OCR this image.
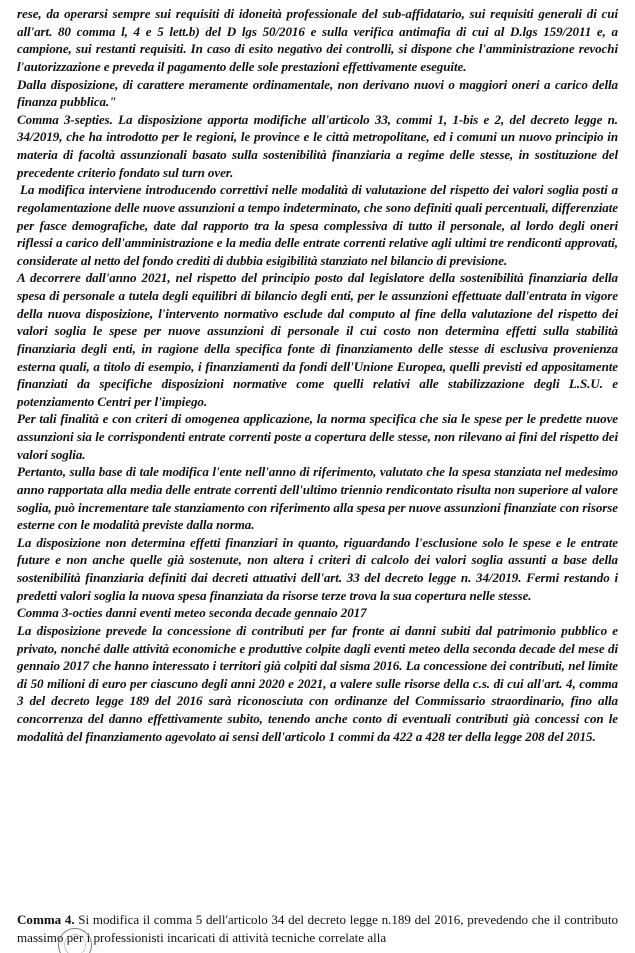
rese, da operarsi sempre sui requisiti di idoneità professionale del sub-affidatario, sui requisiti generali di cui all'art. 80 comma l, 4 e 5 lett.b) del D lgs 50/2016 e sulla verifica antimafia di cui al D.lgs 159/2011 e, a campione, sui restanti requisiti. In caso di esito negativo dei controlli, si dispone che l'amministrazione revochi l'autorizzazione e preveda il pagamento delle sole prestazioni effettivamente eseguite.

Dalla disposizione, di carattere meramente ordinamentale, non derivano nuovi o maggiori oneri a carico della finanza pubblica."

Comma 3-septies. La disposizione apporta modifiche all'articolo 33, commi 1, 1-bis e 2, del decreto legge n. 34/2019, che ha introdotto per le regioni, le province e le città metropolitane, ed i comuni un nuovo principio in materia di facoltà assunzionali basato sulla sostenibilità finanziaria a regime delle stesse, in sostituzione del precedente criterio fondato sul turn over.

La modifica interviene introducendo correttivi nelle modalità di valutazione del rispetto dei valori soglia posti a regolamentazione delle nuove assunzioni a tempo indeterminato, che sono definiti quali percentuali, differenziate per fasce demografiche, date dal rapporto tra la spesa complessiva di tutto il personale, al lordo degli oneri riflessi a carico dell'amministrazione e la media delle entrate correnti relative agli ultimi tre rendiconti approvati, considerate al netto del fondo crediti di dubbia esigibilità stanziato nel bilancio di previsione.

A decorrere dall'anno 2021, nel rispetto del principio posto dal legislatore della sostenibilità finanziaria della spesa di personale a tutela degli equilibri di bilancio degli enti, per le assunzioni effettuate dall'entrata in vigore della nuova disposizione, l'intervento normativo esclude dal computo al fine della valutazione del rispetto dei valori soglia le spese per nuove assunzioni di personale il cui costo non determina effetti sulla stabilità finanziaria degli enti, in ragione della specifica fonte di finanziamento delle stesse di esclusiva provenienza esterna quali, a titolo di esempio, i finanziamenti da fondi dell'Unione Europea, quelli previsti ed appositamente finanziati da specifiche disposizioni normative come quelli relativi alle stabilizzazione degli L.S.U. e potenziamento Centri per l'impiego.

Per tali finalità e con criteri di omogenea applicazione, la norma specifica che sia le spese per le predette nuove assunzioni sia le corrispondenti entrate correnti poste a copertura delle stesse, non rilevano ai fini del rispetto dei valori soglia.

Pertanto, sulla base di tale modifica l'ente nell'anno di riferimento, valutato che la spesa stanziata nel medesimo anno rapportata alla media delle entrate correnti dell'ultimo triennio rendicontato risulta non superiore al valore soglia, può incrementare tale stanziamento con riferimento alla spesa per nuove assunzioni finanziate con risorse esterne con le modalità previste dalla norma.

La disposizione non determina effetti finanziari in quanto, riguardando l'esclusione solo le spese e le entrate future e non anche quelle già sostenute, non altera i criteri di calcolo dei valori soglia assunti a base della sostenibilità finanziaria definiti dai decreti attuativi dell'art. 33 del decreto legge n. 34/2019. Fermi restando i predetti valori soglia la nuova spesa finanziata da risorse terze trova la sua copertura nelle stesse.

Comma 3-octies danni eventi meteo seconda decade gennaio 2017

La disposizione prevede la concessione di contributi per far fronte ai danni subiti dal patrimonio pubblico e privato, nonché dalle attività economiche e produttive colpite dagli eventi meteo della seconda decade del mese di gennaio 2017 che hanno interessato i territori già colpiti dal sisma 2016. La concessione dei contributi, nel limite di 50 milioni di euro per ciascuno degli anni 2020 e 2021, a valere sulle risorse della c.s. di cui all'art. 4, comma 3 del decreto legge 189 del 2016 sarà riconosciuta con ordinanze del Commissario straordinario, fino alla concorrenza del danno effettivamente subito, tenendo anche conto di eventuali contributi già concessi con le modalità del finanziamento agevolato ai sensi dell'articolo 1 commi da 422 a 428 ter della legge 208 del 2015.

Comma 4. Si modifica il comma 5 dell'articolo 34 del decreto legge n.189 del 2016, prevedendo che il contributo massimo per i professionisti incaricati di attività tecniche correlate alla
